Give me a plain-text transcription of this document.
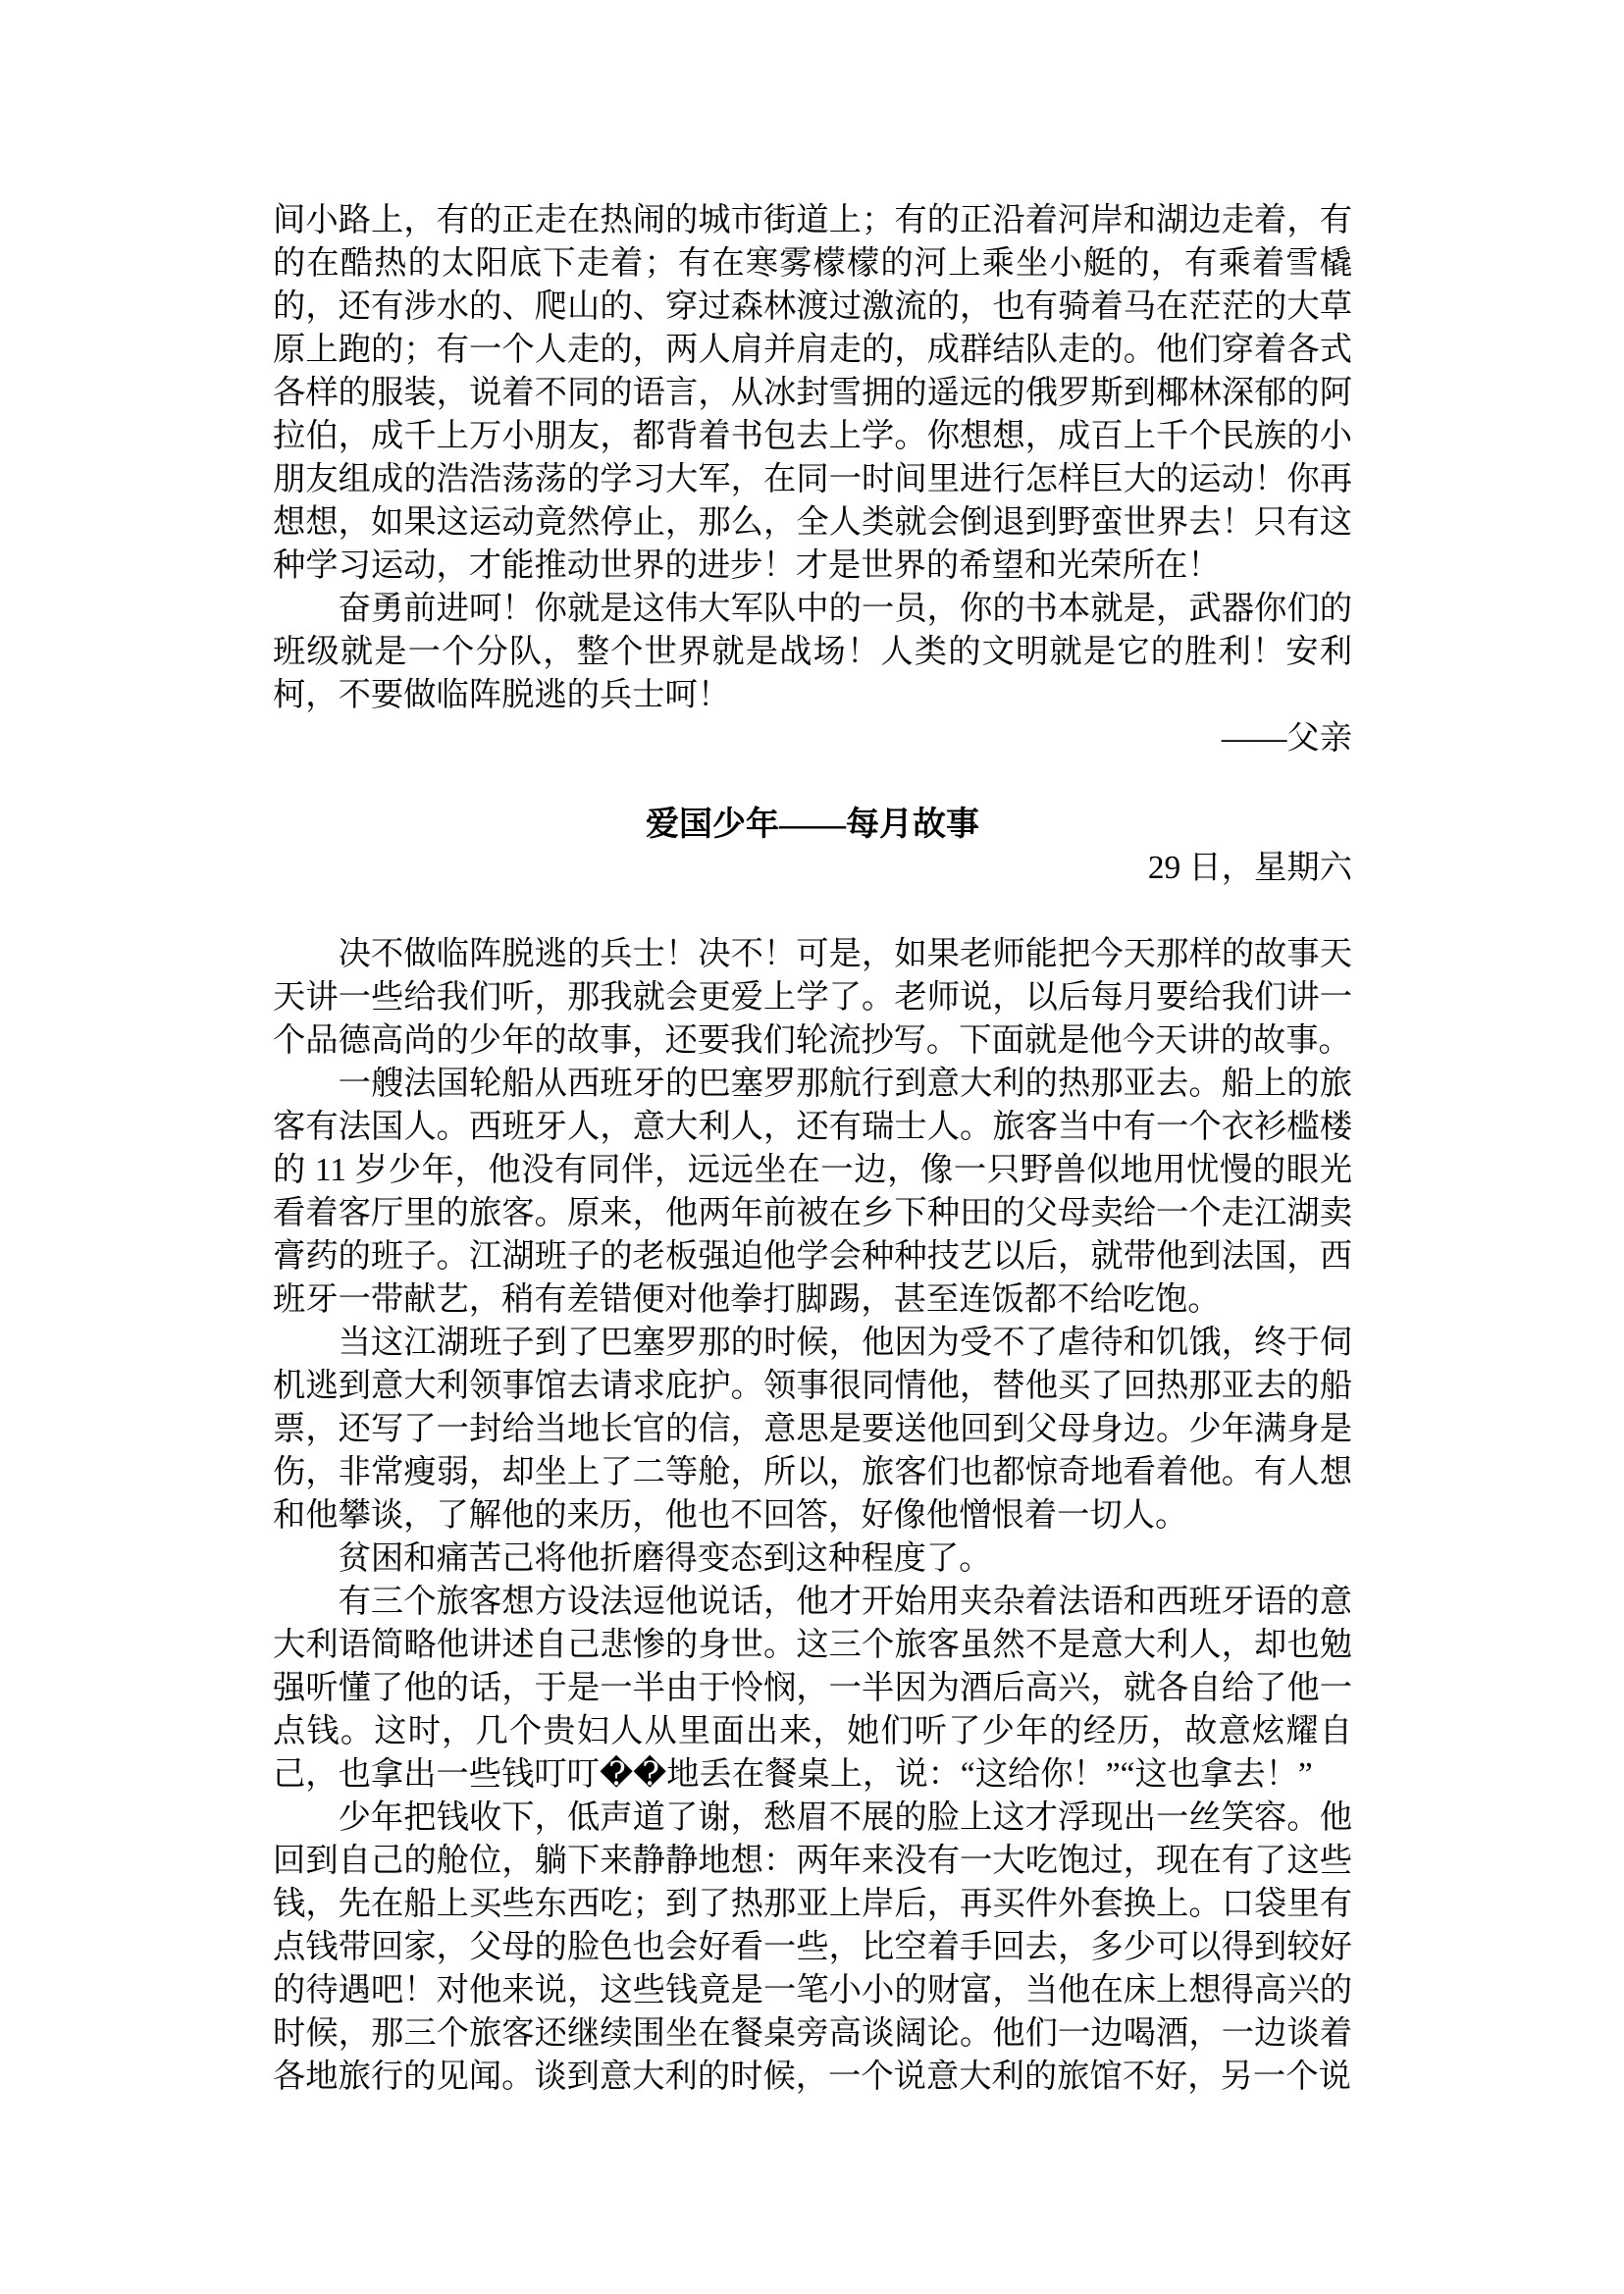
间小路上，有的正走在热闹的城市街道上；有的正沿着河岸和湖边走着，有的在酷热的太阳底下走着；有在寒雾檬檬的河上乘坐小艇的，有乘着雪橇的，还有涉水的、爬山的、穿过森林渡过激流的，也有骑着马在茫茫的大草原上跑的；有一个人走的，两人肩并肩走的，成群结队走的。他们穿着各式各样的服装，说着不同的语言，从冰封雪拥的遥远的俄罗斯到椰林深郁的阿拉伯，成千上万小朋友，都背着书包去上学。你想想，成百上千个民族的小朋友组成的浩浩荡荡的学习大军，在同一时间里进行怎样巨大的运动！你再想想，如果这运动竟然停止，那么，全人类就会倒退到野蛮世界去！只有这种学习运动，才能推动世界的进步！才是世界的希望和光荣所在！

奋勇前进呵！你就是这伟大军队中的一员，你的书本就是，武器你们的班级就是一个分队，整个世界就是战场！人类的文明就是它的胜利！安利柯，不要做临阵脱逃的兵士呵！

——父亲

爱国少年——每月故事

29 日，星期六

决不做临阵脱逃的兵士！决不！可是，如果老师能把今天那样的故事天天讲一些给我们听，那我就会更爱上学了。老师说，以后每月要给我们讲一个品德高尚的少年的故事，还要我们轮流抄写。下面就是他今天讲的故事。

一艘法国轮船从西班牙的巴塞罗那航行到意大利的热那亚去。船上的旅客有法国人。西班牙人，意大利人，还有瑞士人。旅客当中有一个衣衫槛楼的 11 岁少年，他没有同伴，远远坐在一边，像一只野兽似地用忧慢的眼光看着客厅里的旅客。原来，他两年前被在乡下种田的父母卖给一个走江湖卖膏药的班子。江湖班子的老板强迫他学会种种技艺以后，就带他到法国，西班牙一带献艺，稍有差错便对他拳打脚踢，甚至连饭都不给吃饱。

当这江湖班子到了巴塞罗那的时候，他因为受不了虐待和饥饿，终于伺机逃到意大利领事馆去请求庇护。领事很同情他，替他买了回热那亚去的船票，还写了一封给当地长官的信，意思是要送他回到父母身边。少年满身是伤，非常瘦弱，却坐上了二等舱，所以，旅客们也都惊奇地看着他。有人想和他攀谈，了解他的来历，他也不回答，好像他憎恨着一切人。

贫困和痛苦己将他折磨得变态到这种程度了。

有三个旅客想方设法逗他说话，他才开始用夹杂着法语和西班牙语的意大利语简略他讲述自己悲惨的身世。这三个旅客虽然不是意大利人，却也勉强听懂了他的话，于是一半由于怜悯，一半因为酒后高兴，就各自给了他一点钱。这时，几个贵妇人从里面出来，她们听了少年的经历，故意炫耀自己，也拿出一些钱叮叮��地丢在餐桌上，说：“这给你！”“这也拿去！”

少年把钱收下，低声道了谢，愁眉不展的脸上这才浮现出一丝笑容。他回到自己的舱位，躺下来静静地想：两年来没有一大吃饱过，现在有了这些钱，先在船上买些东西吃；到了热那亚上岸后，再买件外套换上。口袋里有点钱带回家，父母的脸色也会好看一些，比空着手回去，多少可以得到较好的待遇吧！对他来说，这些钱竟是一笔小小的财富，当他在床上想得高兴的时候，那三个旅客还继续围坐在餐桌旁高谈阔论。他们一边喝酒，一边谈着各地旅行的见闻。谈到意大利的时候，一个说意大利的旅馆不好，另一个说
